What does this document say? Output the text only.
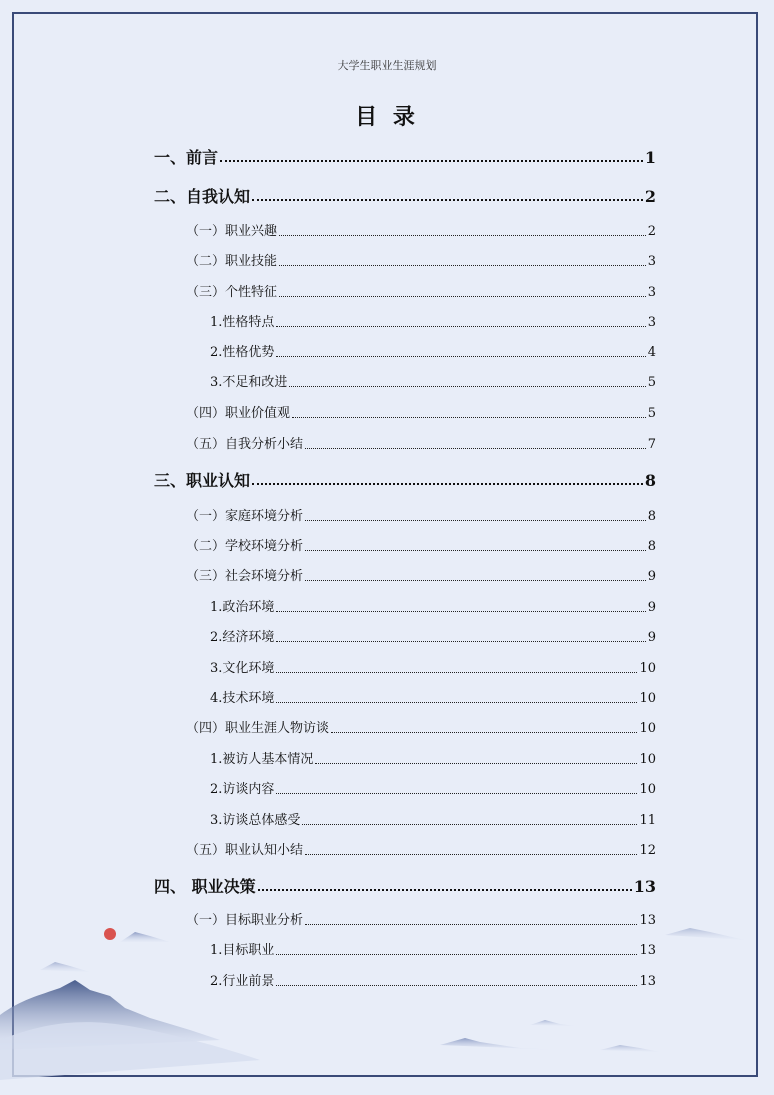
大学生职业生涯规划
目 录
一、前言	1
二、自我认知	2
（一）职业兴趣	2
（二）职业技能	3
（三）个性特征	3
1.性格特点	3
2.性格优势	4
3.不足和改进	5
（四）职业价值观	5
（五）自我分析小结	7
三、职业认知	8
（一）家庭环境分析	8
（二）学校环境分析	8
（三）社会环境分析	9
1.政治环境	9
2.经济环境	9
3.文化环境	10
4.技术环境	10
（四）职业生涯人物访谈	10
1.被访人基本情况	10
2.访谈内容	10
3.访谈总体感受	11
（五）职业认知小结	12
四、 职业决策	13
（一）目标职业分析	13
1.目标职业	13
2.行业前景	13
